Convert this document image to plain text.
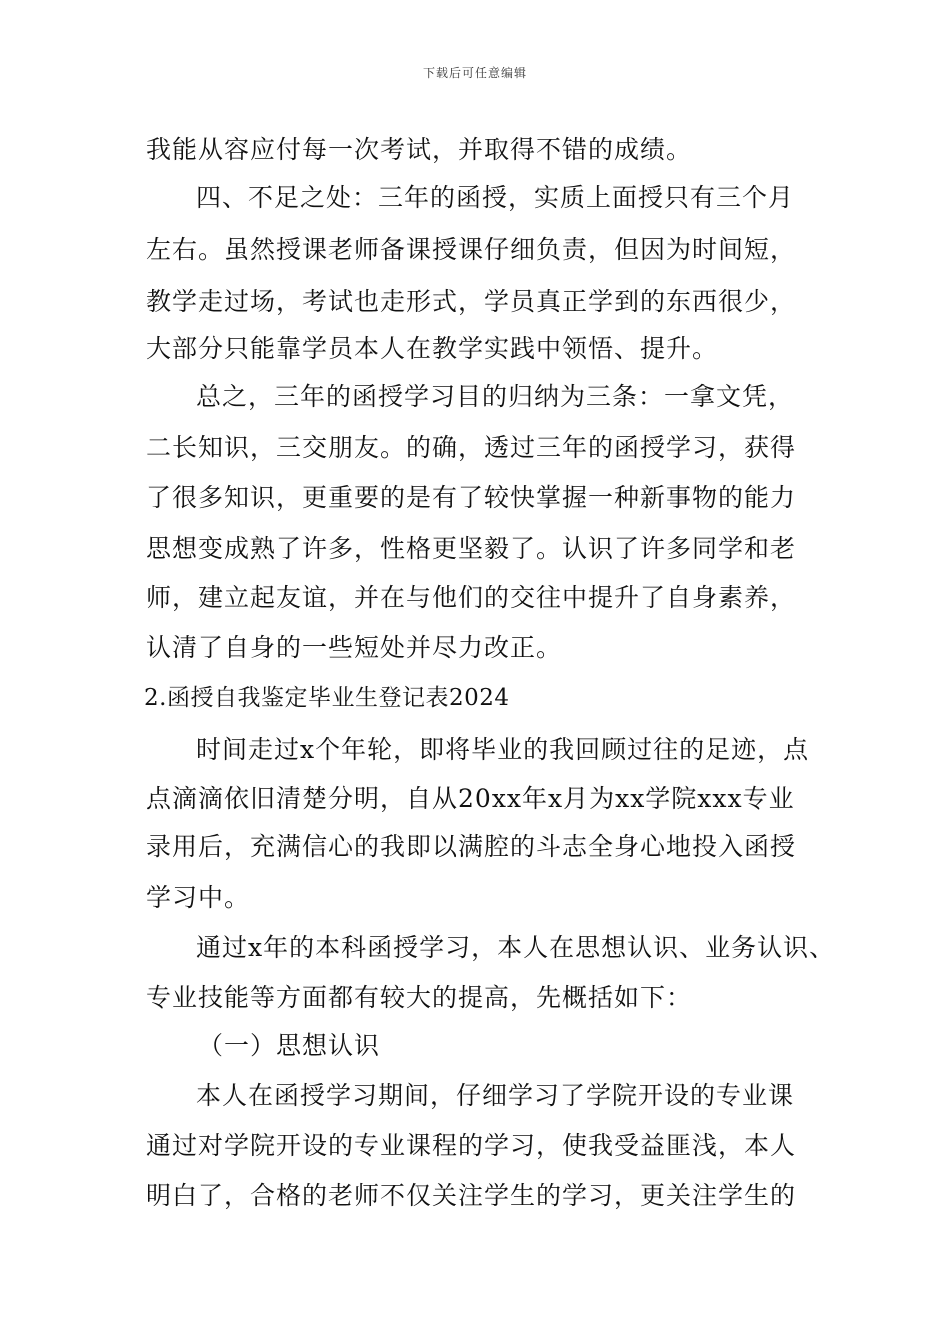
下载后可任意编辑
我能从容应付每一次考试，并取得不错的成绩。
四、不足之处：三年的函授，实质上面授只有三个月
左右。虽然授课老师备课授课仔细负责，但因为时间短，
教学走过场，考试也走形式，学员真正学到的东西很少，
大部分只能靠学员本人在教学实践中领悟、提升。
总之，三年的函授学习目的归纳为三条：一拿文凭，
二长知识，三交朋友。的确，透过三年的函授学习，获得
了很多知识，更重要的是有了较快掌握一种新事物的能力
思想变成熟了许多，性格更坚毅了。认识了许多同学和老
师，建立起友谊，并在与他们的交往中提升了自身素养，
认清了自身的一些短处并尽力改正。
2.函授自我鉴定毕业生登记表2024
时间走过x个年轮，即将毕业的我回顾过往的足迹，点
点滴滴依旧清楚分明，自从20xx年x月为xx学院xxx专业
录用后，充满信心的我即以满腔的斗志全身心地投入函授
学习中。
通过x年的本科函授学习，本人在思想认识、业务认识、
专业技能等方面都有较大的提高，先概括如下：
（一）思想认识
本人在函授学习期间，仔细学习了学院开设的专业课
通过对学院开设的专业课程的学习，使我受益匪浅，本人
明白了，合格的老师不仅关注学生的学习，更关注学生的
